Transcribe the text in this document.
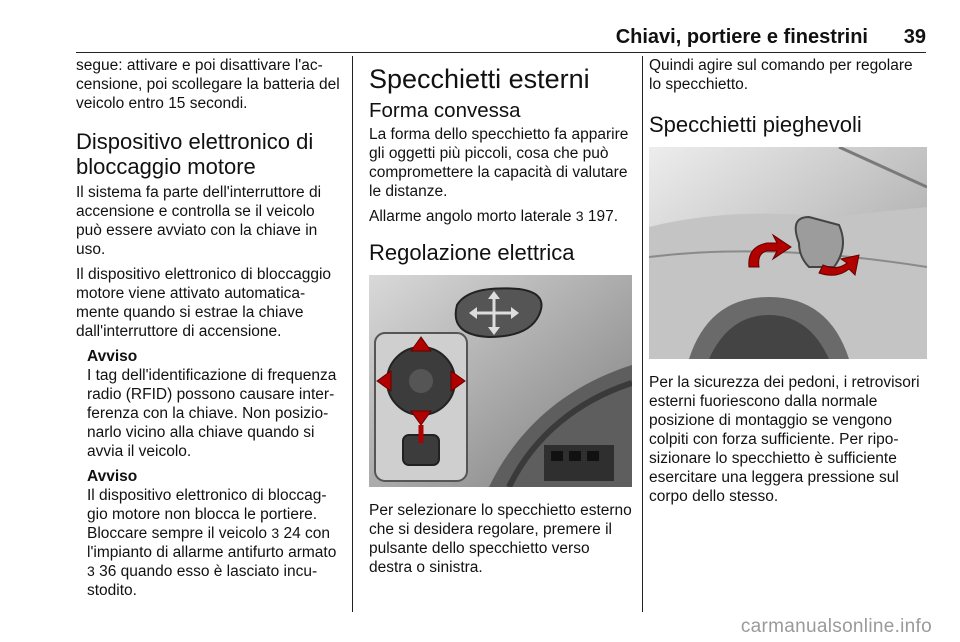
Chiavi, portiere e finestrini 39

segue: attivare e poi disattivare l'accensione, poi scollegare la batteria del veicolo entro 15 secondi.

Dispositivo elettronico di bloccaggio motore

Il sistema fa parte dell'interruttore di accensione e controlla se il veicolo può essere avviato con la chiave in uso.

Il dispositivo elettronico di bloccaggio motore viene attivato automaticamente quando si estrae la chiave dall'interruttore di accensione.

Avviso
I tag dell'identificazione di frequenza radio (RFID) possono causare interferenza con la chiave. Non posizionarlo vicino alla chiave quando si avvia il veicolo.
Avviso
Il dispositivo elettronico di bloccaggio motore non blocca le portiere. Bloccare sempre il veicolo 3 24 con l'impianto di allarme antifurto armato 3 36 quando esso è lasciato incustodito.
Specchietti esterni
Forma convessa

La forma dello specchietto fa apparire gli oggetti più piccoli, cosa che può compromettere la capacità di valutare le distanze.

Allarme angolo morto laterale 3 197.

Regolazione elettrica

Per selezionare lo specchietto esterno che si desidera regolare, premere il pulsante dello specchietto verso destra o sinistra.

Quindi agire sul comando per regolare lo specchietto.

Specchietti pieghevoli

Per la sicurezza dei pedoni, i retrovisori esterni fuoriescono dalla normale posizione di montaggio se vengono colpiti con forza sufficiente. Per riposizionare lo specchietto è sufficiente esercitare una leggera pressione sul corpo dello stesso.

carmanualsonline.info
